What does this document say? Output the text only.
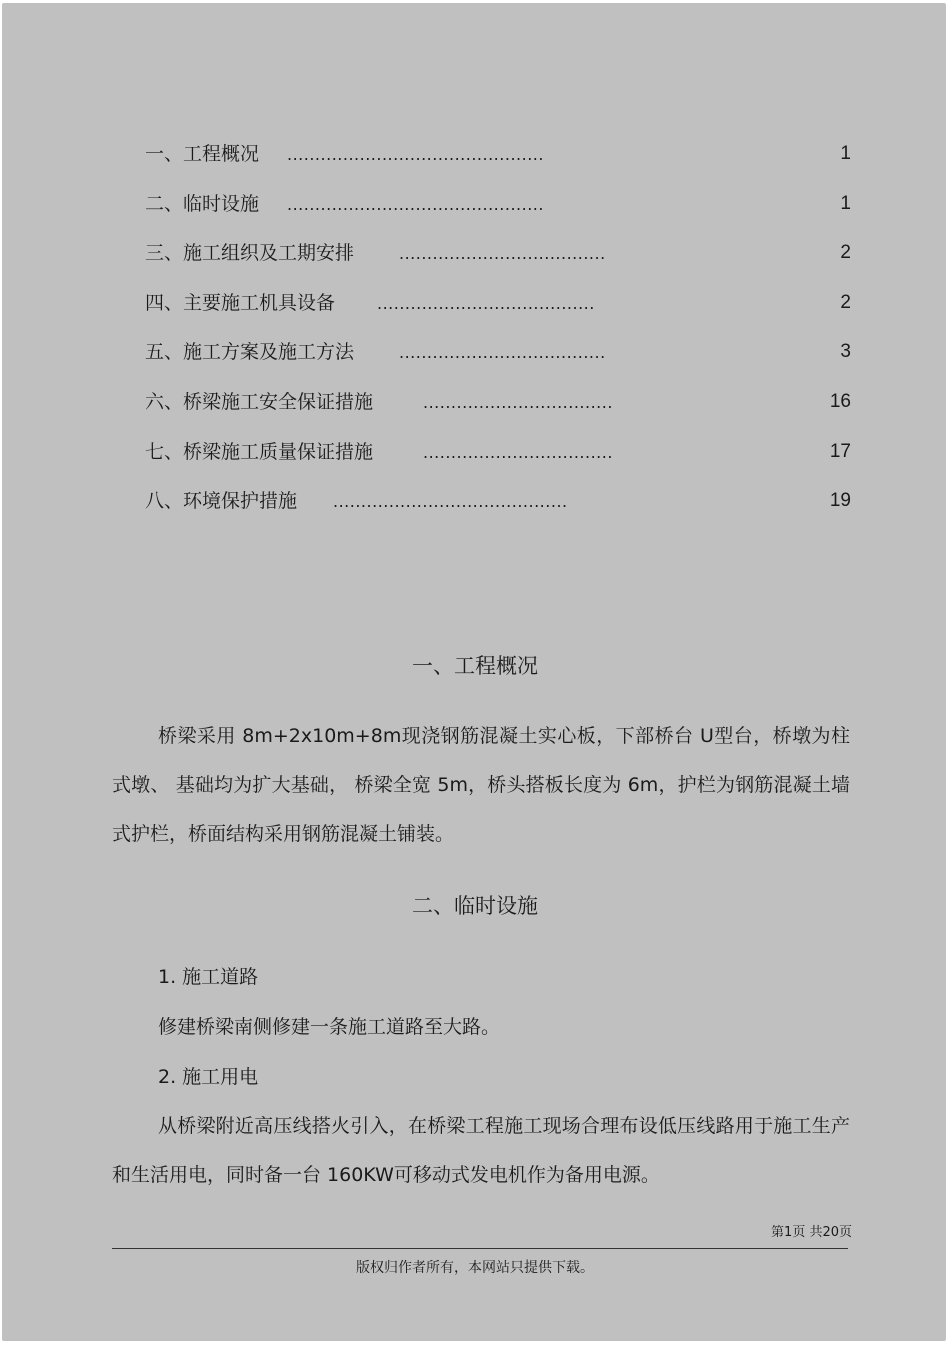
一、工程概况 ..............................................	1
二、临时设施 ..............................................	1
三、施工组织及工期安排	.....................................	2
四、主要施工机具设备	.......................................	2
五、施工方案及施工方法	.....................................	3
六、桥梁施工安全保证措施	..................................	16
七、桥梁施工质量保证措施	..................................	17
八、环境保护措施 ..........................................	19
一、工程概况
桥梁采用 8m+2x10m+8m现浇钢筋混凝土实心板，下部桥台 U型台，桥墩为柱式墩、 基础均为扩大基础， 桥梁全宽 5m，桥头搭板长度为 6m，护栏为钢筋混凝土墙式护栏，桥面结构采用钢筋混凝土铺装。
二、临时设施
1. 施工道路
修建桥梁南侧修建一条施工道路至大路。
2. 施工用电
从桥梁附近高压线搭火引入，在桥梁工程施工现场合理布设低压线路用于施工生产和生活用电，同时备一台 160KW可移动式发电机作为备用电源。
第1页 共20页
版权归作者所有，本网站只提供下载。
